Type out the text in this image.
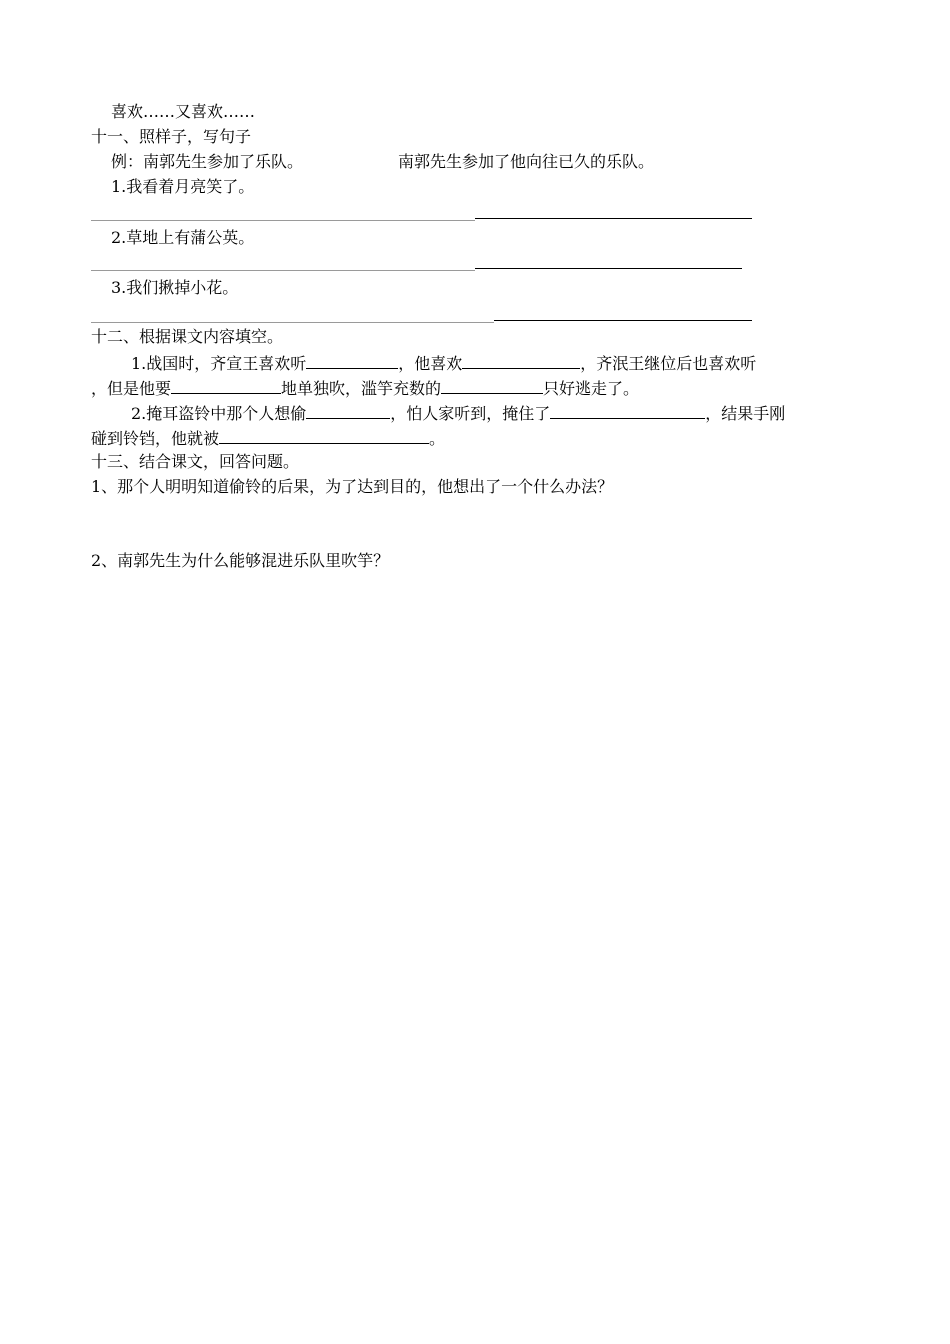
喜欢……又喜欢……
十一、照样子，写句子
例：南郭先生参加了乐队。	南郭先生参加了他向往已久的乐队。
1.我看着月亮笑了。
2.草地上有蒲公英。
3.我们揪掉小花。
十二、根据课文内容填空。
1.战国时，齐宣王喜欢听	，他喜欢	，齐泯王继位后也喜欢听
，但是他要	地单独吹，滥竽充数的	只好逃走了。
2.掩耳盗铃中那个人想偷	，怕人家听到，掩住了	，结果手刚
碰到铃铛，他就被	。
十三、结合课文，回答问题。
1、那个人明明知道偷铃的后果，为了达到目的，他想出了一个什么办法？
2、南郭先生为什么能够混进乐队里吹竽？
